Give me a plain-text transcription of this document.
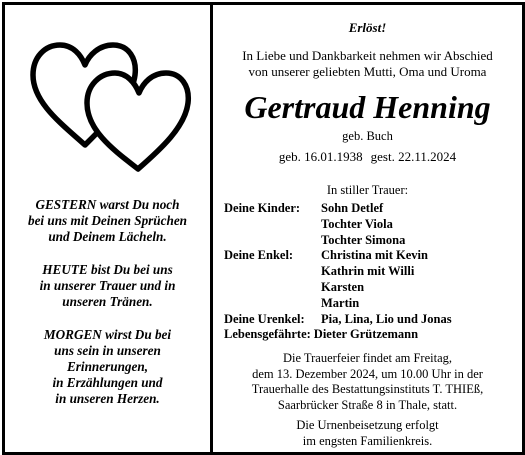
GESTERN warst Du noch
bei uns mit Deinen Sprüchen
und Deinem Lächeln.

HEUTE bist Du bei uns
in unserer Trauer und in
unseren Tränen.

MORGEN wirst Du bei
uns sein in unseren
Erinnerungen,
in Erzählungen und
in unseren Herzen.

Erlöst!
In Liebe und Dankbarkeit nehmen wir Abschied
von unserer geliebten Mutti, Oma und Uroma
Gertraud Henning
geb. Buch
geb. 16.01.1938 gest. 22.11.2024
In stiller Trauer:
Deine Kinder:	Sohn Detlef
Tochter Viola
Tochter Simona
Deine Enkel:	Christina mit Kevin
Kathrin mit Willi
Karsten
Martin
Deine Urenkel:	Pia, Lina, Lio und Jonas
Lebensgefährte: Dieter Grützemann
Die Trauerfeier findet am Freitag,
dem 13. Dezember 2024, um 10.00 Uhr in der
Trauerhalle des Bestattungsinstituts T. THIEß,
Saarbrücker Straße 8 in Thale, statt.
Die Urnenbeisetzung erfolgt
im engsten Familienkreis.
